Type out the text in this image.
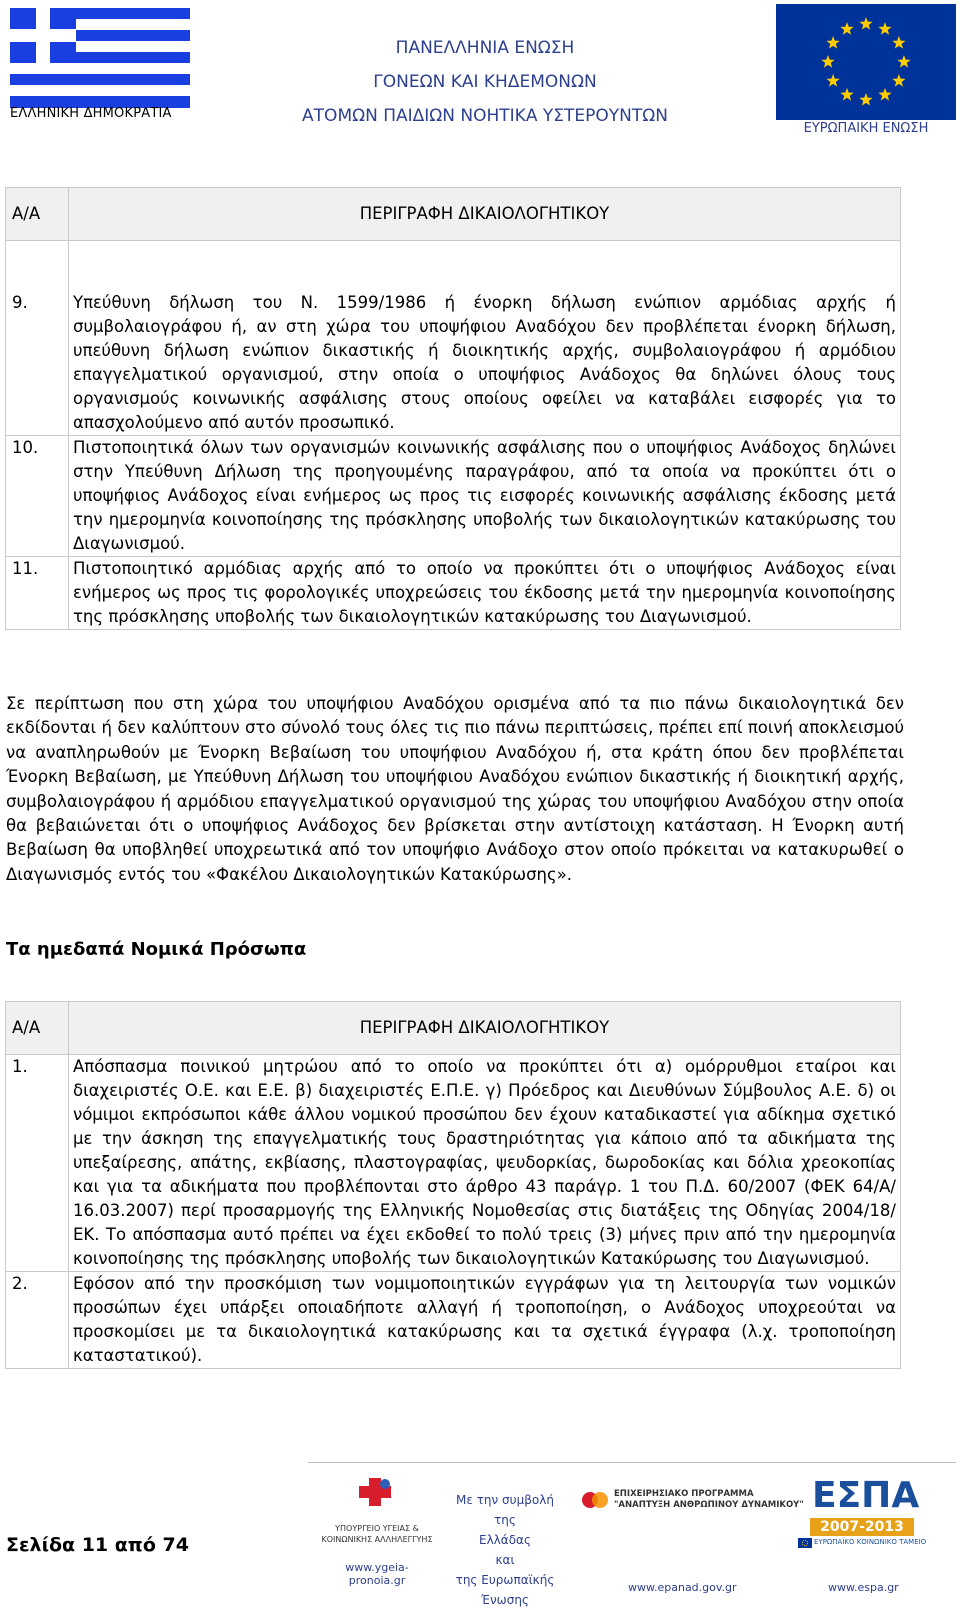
ΕΛΛΗΝΙΚΗ ΔΗΜΟΚΡΑΤΙΑ
ΠΑΝΕΛΛΗΝΙΑ ΕΝΩΣΗ
ΓΟΝΕΩΝ ΚΑΙ ΚΗΔΕΜΟΝΩΝ
ΑΤΟΜΩΝ ΠΑΙΔΙΩΝ ΝΟΗΤΙΚΑ ΥΣΤΕΡΟΥΝΤΩΝ
ΕΥΡΩΠΑΙΚΗ ΕΝΩΣΗ
Α/Α	ΠΕΡΙΓΡΑΦΗ ΔΙΚΑΙΟΛΟΓΗΤΙΚΟΥ
9.	Υπεύθυνη δήλωση του Ν. 1599/1986 ή ένορκη δήλωση ενώπιον αρμόδιας αρχής ή συμβολαιογράφου ή, αν στη χώρα του υποψήφιου Αναδόχου δεν προβλέπεται ένορκη δήλωση, υπεύθυνη δήλωση ενώπιον δικαστικής ή διοικητικής αρχής, συμβολαιογράφου ή αρμόδιου επαγγελματικού οργανισμού, στην οποία ο υποψήφιος Ανάδοχος θα δηλώνει όλους τους οργανισμούς κοινωνικής ασφάλισης στους οποίους οφείλει να καταβάλει εισφορές για το απασχολούμενο από αυτόν προσωπικό.
10.	Πιστοποιητικά όλων των οργανισμών κοινωνικής ασφάλισης που ο υποψήφιος Ανάδοχος δηλώνει στην Υπεύθυνη Δήλωση της προηγουμένης παραγράφου, από τα οποία να προκύπτει ότι ο υποψήφιος Ανάδοχος είναι ενήμερος ως προς τις εισφορές κοινωνικής ασφάλισης έκδοσης μετά την ημερομηνία κοινοποίησης της πρόσκλησης υποβολής των δικαιολογητικών κατακύρωσης του Διαγωνισμού.
11.	Πιστοποιητικό αρμόδιας αρχής από το οποίο να προκύπτει ότι ο υποψήφιος Ανάδοχος είναι ενήμερος ως προς τις φορολογικές υποχρεώσεις του έκδοσης μετά την ημερομηνία κοινοποίησης της πρόσκλησης υποβολής των δικαιολογητικών κατακύρωσης του Διαγωνισμού.
Σε περίπτωση που στη χώρα του υποψήφιου Αναδόχου ορισμένα από τα πιο πάνω δικαιολογητικά δεν εκδίδονται ή δεν καλύπτουν στο σύνολό τους όλες τις πιο πάνω περιπτώσεις, πρέπει επί ποινή αποκλεισμού να αναπληρωθούν με Ένορκη Βεβαίωση του υποψήφιου Αναδόχου ή, στα κράτη όπου δεν προβλέπεται Ένορκη Βεβαίωση, με Υπεύθυνη Δήλωση του υποψήφιου Αναδόχου ενώπιον δικαστικής ή διοικητική αρχής, συμβολαιογράφου ή αρμόδιου επαγγελματικού οργανισμού της χώρας του υποψήφιου Αναδόχου στην οποία θα βεβαιώνεται ότι ο υποψήφιος Ανάδοχος δεν βρίσκεται στην αντίστοιχη κατάσταση. Η Ένορκη αυτή Βεβαίωση θα υποβληθεί υποχρεωτικά από τον υποψήφιο Ανάδοχο στον οποίο πρόκειται να κατακυρωθεί ο Διαγωνισμός εντός του «Φακέλου Δικαιολογητικών Κατακύρωσης».
Τα ημεδαπά Νομικά Πρόσωπα
Α/Α	ΠΕΡΙΓΡΑΦΗ ΔΙΚΑΙΟΛΟΓΗΤΙΚΟΥ
1.	Απόσπασμα ποινικού μητρώου από το οποίο να προκύπτει ότι α) ομόρρυθμοι εταίροι και διαχειριστές Ο.Ε. και Ε.Ε. β) διαχειριστές Ε.Π.Ε. γ) Πρόεδρος και Διευθύνων Σύμβουλος Α.Ε. δ) οι νόμιμοι εκπρόσωποι κάθε άλλου νομικού προσώπου δεν έχουν καταδικαστεί για αδίκημα σχετικό με την άσκηση της επαγγελματικής τους δραστηριότητας για κάποιο από τα αδικήματα της υπεξαίρεσης, απάτης, εκβίασης, πλαστογραφίας, ψευδορκίας, δωροδοκίας και δόλια χρεοκοπίας και για τα αδικήματα που προβλέπονται στο άρθρο 43 παράγρ. 1 του Π.Δ. 60/2007 (ΦΕΚ 64/Α/ 16.03.2007) περί προσαρμογής της Ελληνικής Νομοθεσίας στις διατάξεις της Οδηγίας 2004/18/ΕΚ. Το απόσπασμα αυτό πρέπει να έχει εκδοθεί το πολύ τρεις (3) μήνες πριν από την ημερομηνία κοινοποίησης της πρόσκλησης υποβολής των δικαιολογητικών Κατακύρωσης του Διαγωνισμού.
2.	Εφόσον από την προσκόμιση των νομιμοποιητικών εγγράφων για τη λειτουργία των νομικών προσώπων έχει υπάρξει οποιαδήποτε αλλαγή ή τροποποίηση, ο Ανάδοχος υποχρεούται να προσκομίσει με τα δικαιολογητικά κατακύρωσης και τα σχετικά έγγραφα (λ.χ. τροποποίηση καταστατικού).
Σελίδα 11 από 74
ΥΠΟΥΡΓΕΙΟ ΥΓΕΙΑΣ &
ΚΟΙΝΩΝΙΚΗΣ ΑΛΛΗΛΕΓΓΥΗΣ
www.ygeia-pronoia.gr
Με την συμβολή της
Ελλάδας
και
της Ευρωπαϊκής
Ένωσης
ΕΠΙΧΕΙΡΗΣΙΑΚΟ ΠΡΟΓΡΑΜΜΑ
"ΑΝΑΠΤΥΞΗ ΑΝΘΡΩΠΙΝΟΥ ΔΥΝΑΜΙΚΟΥ"
www.epanad.gov.gr
ΕΣΠΑ
2007-2013
ΕΥΡΩΠΑΪΚΟ ΚΟΙΝΩΝΙΚΟ ΤΑΜΕΙΟ
www.espa.gr
